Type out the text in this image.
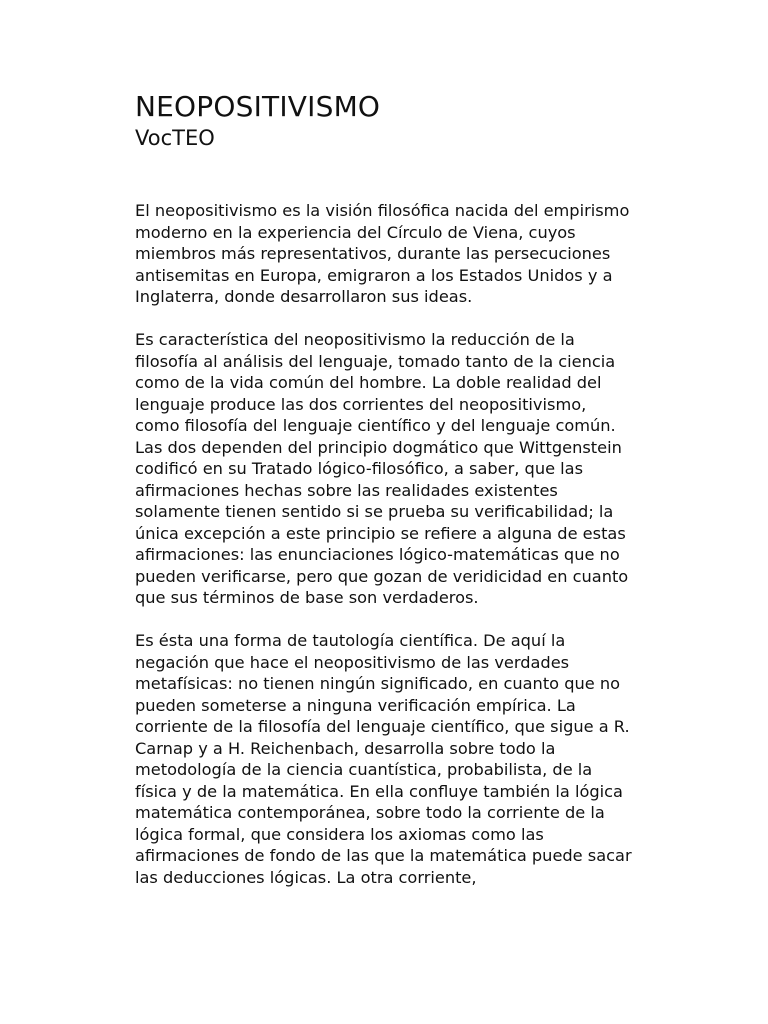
NEOPOSITIVISMO
VocTEO

El neopositivismo es la visión filosófica nacida del empirismo moderno en la experiencia del Círculo de Viena, cuyos miembros más representativos, durante las persecuciones antisemitas en Europa, emigraron a los Estados Unidos y a Inglaterra, donde desarrollaron sus ideas.

Es característica del neopositivismo la reducción de la filosofía al análisis del lenguaje, tomado tanto de la ciencia como de la vida común del hombre. La doble realidad del lenguaje produce las dos corrientes del neopositivismo, como filosofía del lenguaje científico y del lenguaje común. Las dos dependen del principio dogmático que Wittgenstein codificó en su Tratado lógico-filosófico, a saber, que las afirmaciones hechas sobre las realidades existentes solamente tienen sentido si se prueba su verificabilidad; la única excepción a este principio se refiere a alguna de estas afirmaciones: las enunciaciones lógico-matemáticas que no pueden verificarse, pero que gozan de veridicidad en cuanto que sus términos de base son verdaderos.

Es ésta una forma de tautología científica. De aquí la negación que hace el neopositivismo de las verdades metafísicas: no tienen ningún significado, en cuanto que no pueden someterse a ninguna verificación empírica. La corriente de la filosofía del lenguaje científico, que sigue a R. Carnap y a H. Reichenbach, desarrolla sobre todo la metodología de la ciencia cuantística, probabilista, de la física y de la matemática. En ella confluye también la lógica matemática contemporánea, sobre todo la corriente de la lógica formal, que considera los axiomas como las afirmaciones de fondo de las que la matemática puede sacar las deducciones lógicas. La otra corriente,
